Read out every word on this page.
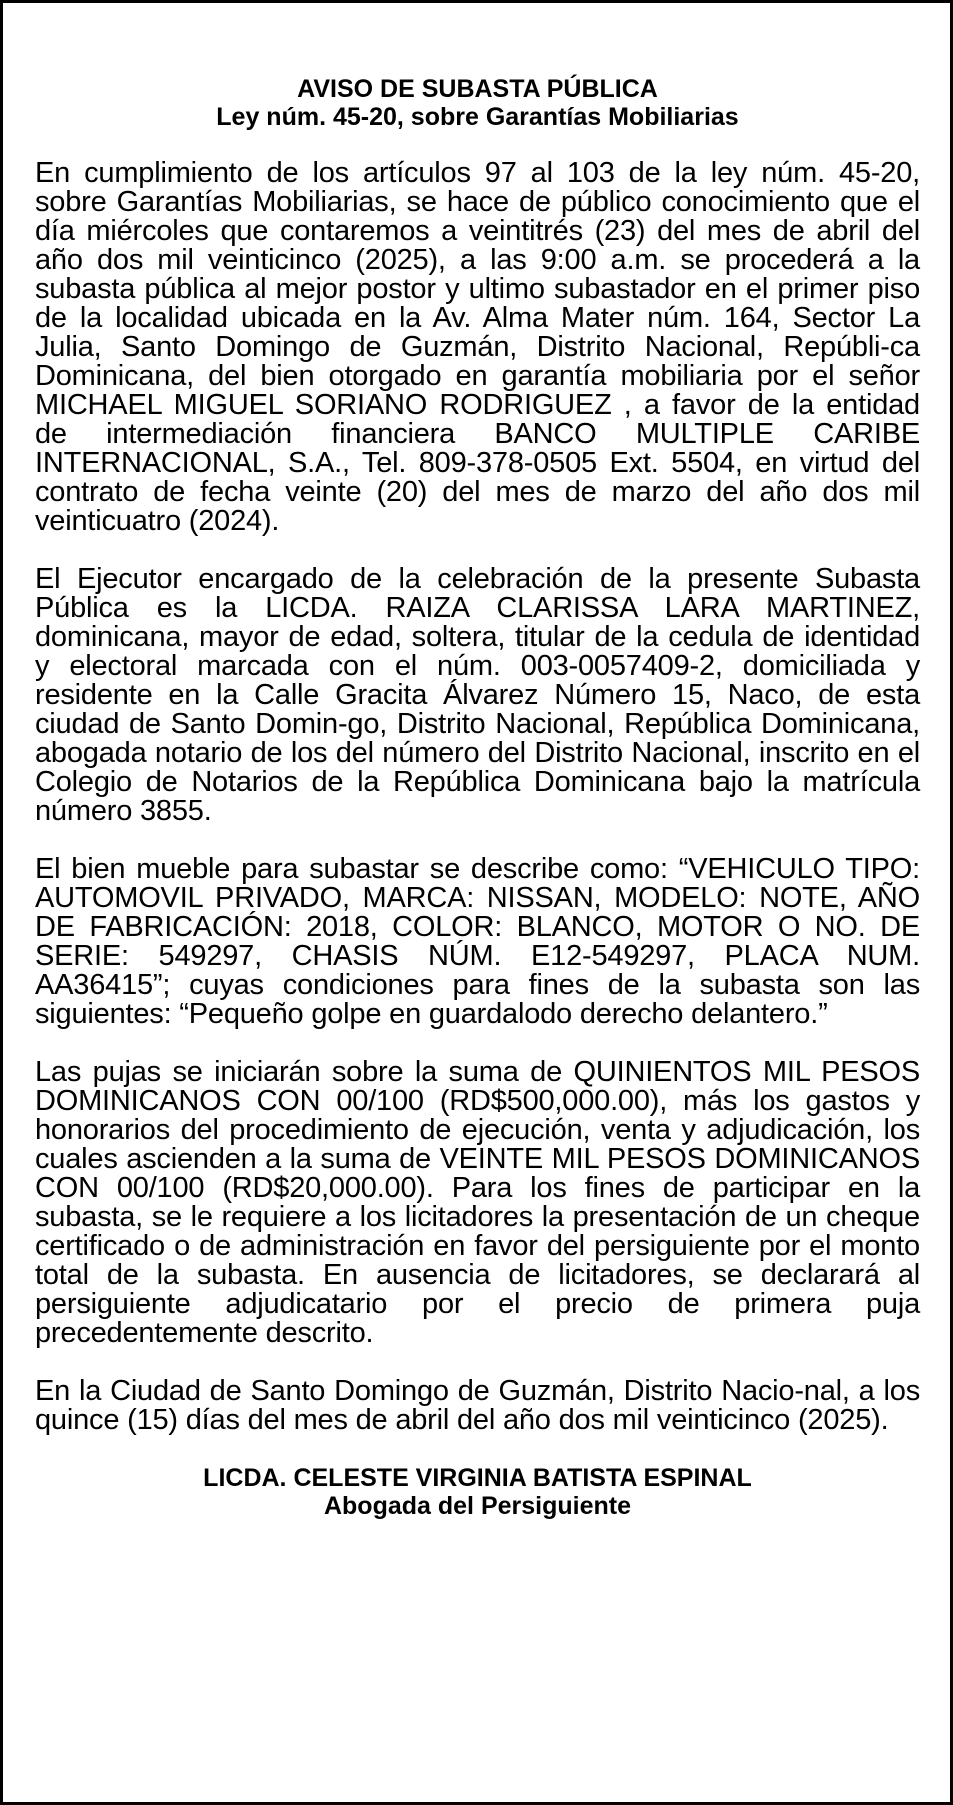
AVISO DE SUBASTA PÚBLICA
Ley núm. 45-20, sobre Garantías Mobiliarias

En cumplimiento de los artículos 97 al 103 de la ley núm. 45-20, sobre Garantías Mobiliarias, se hace de público conocimiento que el día miércoles que contaremos a veintitrés (23) del mes de abril del año dos mil veinticinco (2025), a las 9:00 a.m. se procederá a la subasta pública al mejor postor y ultimo subastador en el primer piso de la localidad ubicada en la Av. Alma Mater núm. 164, Sector La Julia, Santo Domingo de Guzmán, Distrito Nacional, Repúbli-ca Dominicana, del bien otorgado en garantía mobiliaria por el señor MICHAEL MIGUEL SORIANO RODRIGUEZ , a favor de la entidad de intermediación financiera BANCO MULTIPLE CARIBE INTERNACIONAL, S.A., Tel. 809-378-0505 Ext. 5504, en virtud del contrato de fecha veinte (20) del mes de marzo del año dos mil veinticuatro (2024).

El Ejecutor encargado de la celebración de la presente Subasta Pública es la LICDA. RAIZA CLARISSA LARA MARTINEZ, dominicana, mayor de edad, soltera, titular de la cedula de identidad y electoral marcada con el núm. 003-0057409-2, domiciliada y residente en la Calle Gracita Álvarez Número 15, Naco, de esta ciudad de Santo Domin-go, Distrito Nacional, República Dominicana, abogada notario de los del número del Distrito Nacional, inscrito en el Colegio de Notarios de la República Dominicana bajo la matrícula número 3855.

El bien mueble para subastar se describe como: “VEHICULO TIPO: AUTOMOVIL PRIVADO, MARCA: NISSAN, MODELO: NOTE, AÑO DE FABRICACIÓN: 2018, COLOR: BLANCO, MOTOR O NO. DE SERIE: 549297, CHASIS NÚM. E12-549297, PLACA NUM. AA36415”; cuyas condiciones para fines de la subasta son las siguientes: “Pequeño golpe en guardalodo derecho delantero.”

Las pujas se iniciarán sobre la suma de QUINIENTOS MIL PESOS DOMINICANOS CON 00/100 (RD$500,000.00), más los gastos y honorarios del procedimiento de ejecución, venta y adjudicación, los cuales ascienden a la suma de VEINTE MIL PESOS DOMINICANOS CON 00/100 (RD$20,000.00). Para los fines de participar en la subasta, se le requiere a los licitadores la presentación de un cheque certificado o de administración en favor del persiguiente por el monto total de la subasta. En ausencia de licitadores, se declarará al persiguiente adjudicatario por el precio de primera puja precedentemente descrito.

En la Ciudad de Santo Domingo de Guzmán, Distrito Nacio-nal, a los quince (15) días del mes de abril del año dos mil veinticinco (2025).

LICDA. CELESTE VIRGINIA BATISTA ESPINAL
Abogada del Persiguiente
